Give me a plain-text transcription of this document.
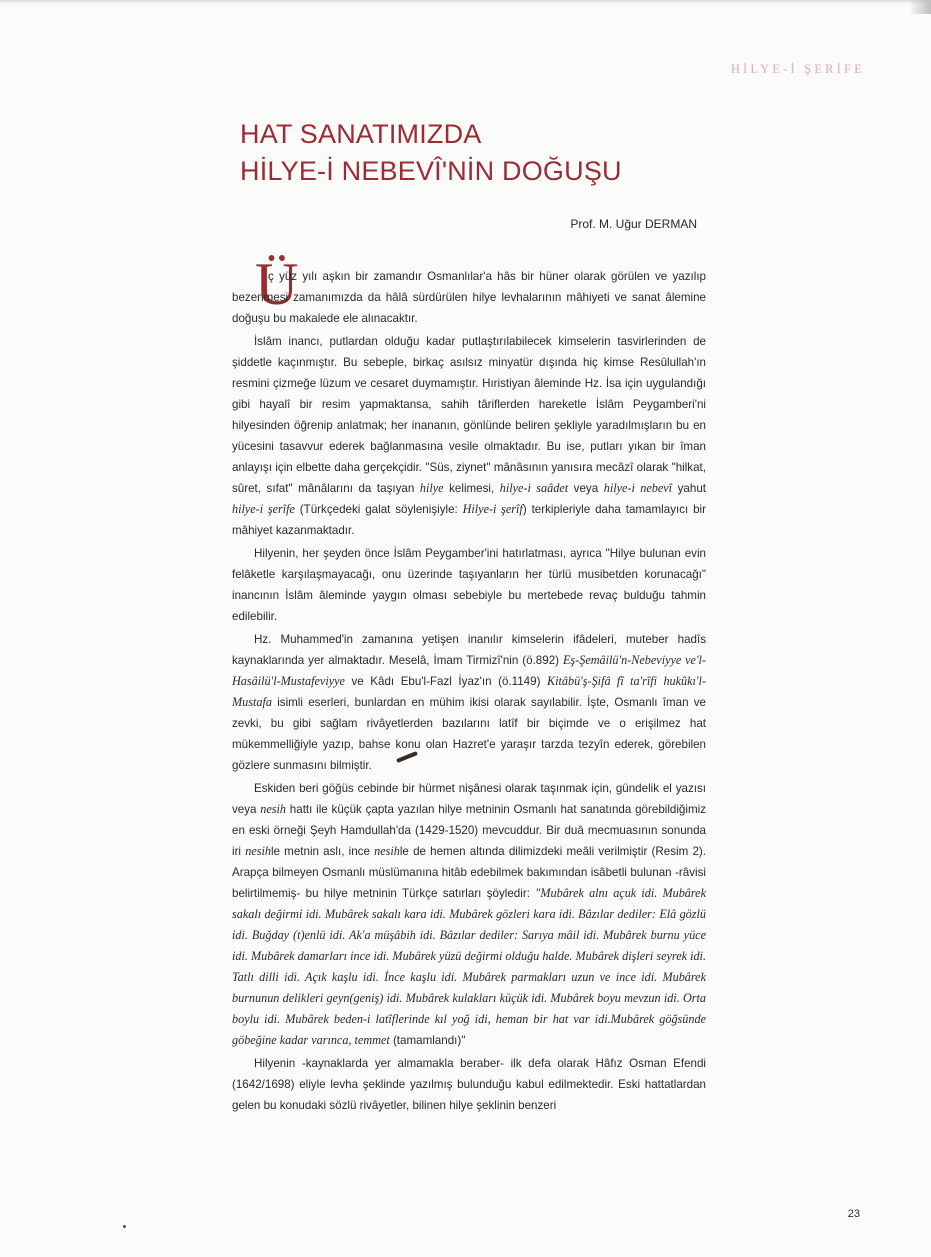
HİLYE-İ ŞERİFE
HAT SANATIMIZDA
HİLYE-İ NEBEVÎ'NİN DOĞUŞU
Prof. M. Uğur DERMAN
Ü

ç yüz yılı aşkın bir zamandır Osmanlılar'a hâs bir hüner olarak görülen ve yazılıp bezenmesi zamanımızda da hâlâ sürdürülen hilye levhalarının mâhiyeti ve sanat âlemine doğuşu bu makalede ele alınacaktır.

İslâm inancı, putlardan olduğu kadar putlaştırılabilecek kimselerin tasvirlerinden de şiddetle kaçınmıştır. Bu sebeple, birkaç asılsız minyatür dışında hiç kimse Resûlullah'ın resmini çizmeğe lüzum ve cesaret duymamıştır. Hıristiyan âleminde Hz. İsa için uygulandığı gibi hayalî bir resim yapmaktansa, sahih târiflerden hareketle İslâm Peygamberi'ni hilyesinden öğrenip anlatmak; her inananın, gönlünde beliren şekliyle yaradılmışların bu en yücesini tasavvur ederek bağlanmasına vesile olmaktadır. Bu ise, putları yıkan bir îman anlayışı için elbette daha gerçekçidir. "Süs, ziynet" mânâsının yanısıra mecâzî olarak "hilkat, sûret, sıfat" mânâlarını da taşıyan hilye kelimesi, hilye-i saâdet veya hilye-i nebevî yahut hilye-i şerîfe (Türkçedeki galat söylenişiyle: Hilye-i şerîf) terkipleriyle daha tamamlayıcı bir mâhiyet kazanmaktadır.

Hilyenin, her şeyden önce İslâm Peygamber'ini hatırlatması, ayrıca "Hilye bulunan evin felâketle karşılaşmayacağı, onu üzerinde taşıyanların her türlü musibetden korunacağı" inancının İslâm âleminde yaygın olması sebebiyle bu mertebede revaç bulduğu tahmin edilebilir.

Hz. Muhammed'in zamanına yetişen inanılır kimselerin ifâdeleri, muteber hadîs kaynaklarında yer almaktadır. Meselâ, İmam Tirmizî'nin (ö.892) Eş-Şemâilü'n-Nebeviyye ve'l-Hasâilü'l-Mustafeviyye ve Kâdı Ebu'l-Fazl İyaz'ın (ö.1149) Kitâbü'ş-Şifâ fî ta'rîfi hukûkı'l-Mustafa isimli eserleri, bunlardan en mühim ikisi olarak sayılabilir. İşte, Osmanlı îman ve zevki, bu gibi sağlam rivâyetlerden bazılarını latîf bir biçimde ve o erişilmez hat mükemmelliğiyle yazıp, bahse konu olan Hazret'e yaraşır tarzda tezyîn ederek, görebilen gözlere sunmasını bilmiştir.

Eskiden beri göğüs cebinde bir hürmet nişânesi olarak taşınmak için, gündelik el yazısı veya nesih hattı ile küçük çapta yazılan hilye metninin Osmanlı hat sanatında görebildiğimiz en eski örneği Şeyh Hamdullah'da (1429-1520) mevcuddur. Bir duâ mecmuasının sonunda iri nesihle metnin aslı, ince nesihle de hemen altında dilimizdeki meâli verilmiştir (Resim 2). Arapça bilmeyen Osmanlı müslümanına hitâb edebilmek bakımından isâbetli bulunan -râvisi belirtilmemiş- bu hilye metninin Türkçe satırları şöyledir: "Mubârek alnı açuk idi. Mubârek sakalı değirmi idi. Mubârek sakalı kara idi. Mubârek gözleri kara idi. Bâzılar dediler: Elâ gözlü idi. Buğday (t)enlü idi. Ak'a müşâbih idi. Bâzılar dediler: Sarıya mâil idi. Mubârek burnu yüce idi. Mubârek damarları ince idi. Mubârek yüzü değirmi olduğu halde. Mubârek dişleri seyrek idi. Tatlı dilli idi. Açık kaşlu idi. İnce kaşlu idi. Mubârek parmakları uzun ve ince idi. Mubârek burnunun delikleri geyn(geniş) idi. Mubârek kulakları küçük idi. Mubârek boyu mevzun idi. Orta boylu idi. Mubârek beden-i latîflerinde kıl yoğ idi, heman bir hat var idi.Mubârek göğsünde göbeğine kadar varınca, temmet (tamamlandı)"

Hilyenin -kaynaklarda yer almamakla beraber- ilk defa olarak Hâfız Osman Efendi (1642/1698) eliyle levha şeklinde yazılmış bulunduğu kabul edilmektedir. Eski hattatlardan gelen bu konudaki sözlü rivâyetler, bilinen hilye şeklinin benzeri

23
